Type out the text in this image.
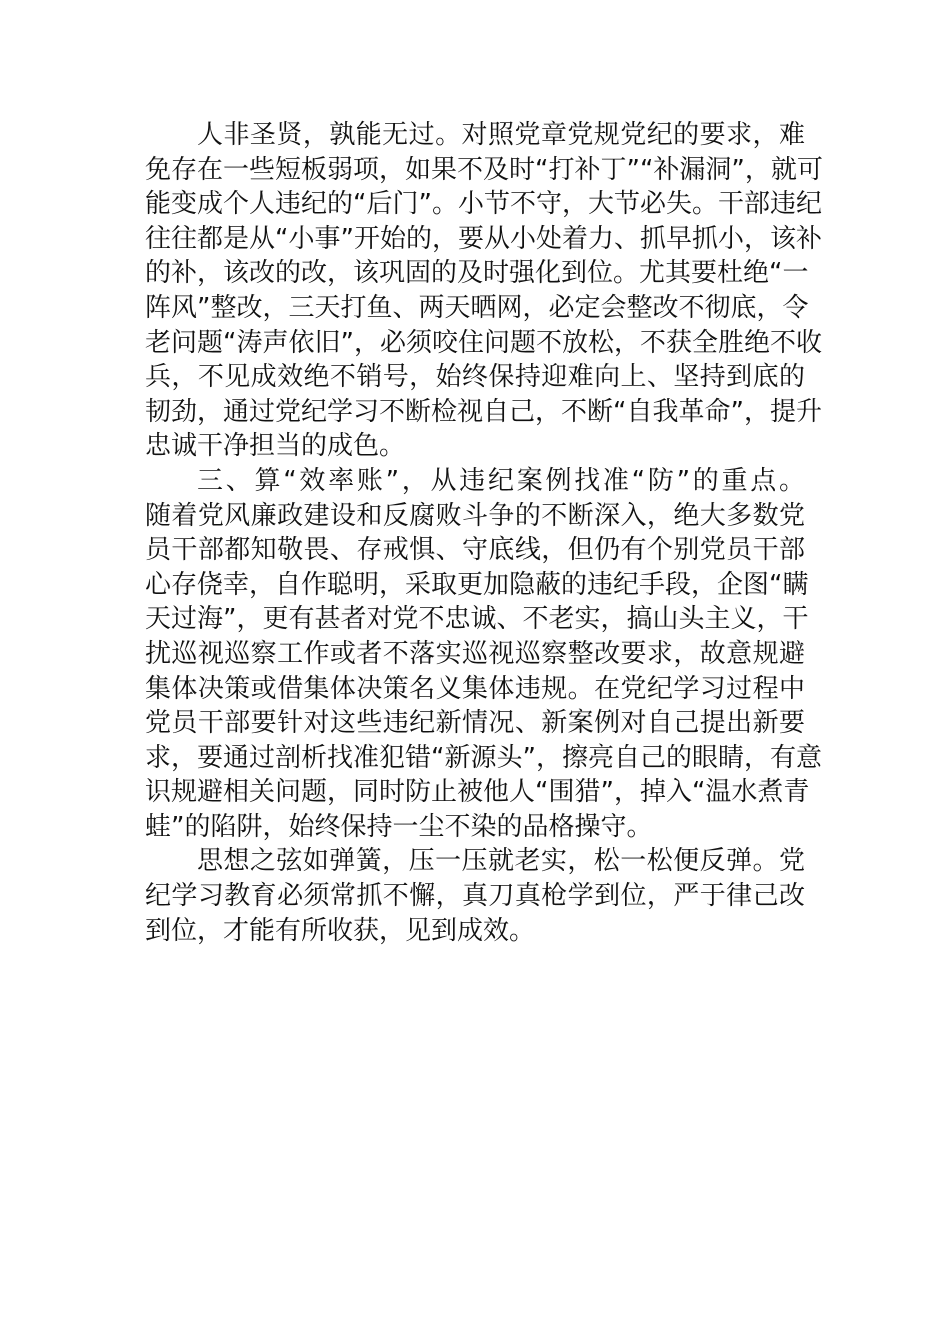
人非圣贤，孰能无过。对照党章党规党纪的要求，难
免存在一些短板弱项，如果不及时“打补丁”“补漏洞”，就可
能变成个人违纪的“后门”。小节不守，大节必失。干部违纪
往往都是从“小事”开始的，要从小处着力、抓早抓小，该补
的补，该改的改，该巩固的及时强化到位。尤其要杜绝“一
阵风”整改，三天打鱼、两天晒网，必定会整改不彻底，令
老问题“涛声依旧”，必须咬住问题不放松，不获全胜绝不收
兵，不见成效绝不销号，始终保持迎难向上、坚持到底的
韧劲，通过党纪学习不断检视自己，不断“自我革命”，提升
忠诚干净担当的成色。
三、算“效率账”，从违纪案例找准“防”的重点。
随着党风廉政建设和反腐败斗争的不断深入，绝大多数党
员干部都知敬畏、存戒惧、守底线，但仍有个别党员干部
心存侥幸，自作聪明，采取更加隐蔽的违纪手段，企图“瞒
天过海”，更有甚者对党不忠诚、不老实，搞山头主义，干
扰巡视巡察工作或者不落实巡视巡察整改要求，故意规避
集体决策或借集体决策名义集体违规。在党纪学习过程中
党员干部要针对这些违纪新情况、新案例对自己提出新要
求，要通过剖析找准犯错“新源头”，擦亮自己的眼睛，有意
识规避相关问题，同时防止被他人“围猎”，掉入“温水煮青
蛙”的陷阱，始终保持一尘不染的品格操守。
思想之弦如弹簧，压一压就老实，松一松便反弹。党
纪学习教育必须常抓不懈，真刀真枪学到位，严于律己改
到位，才能有所收获，见到成效。
